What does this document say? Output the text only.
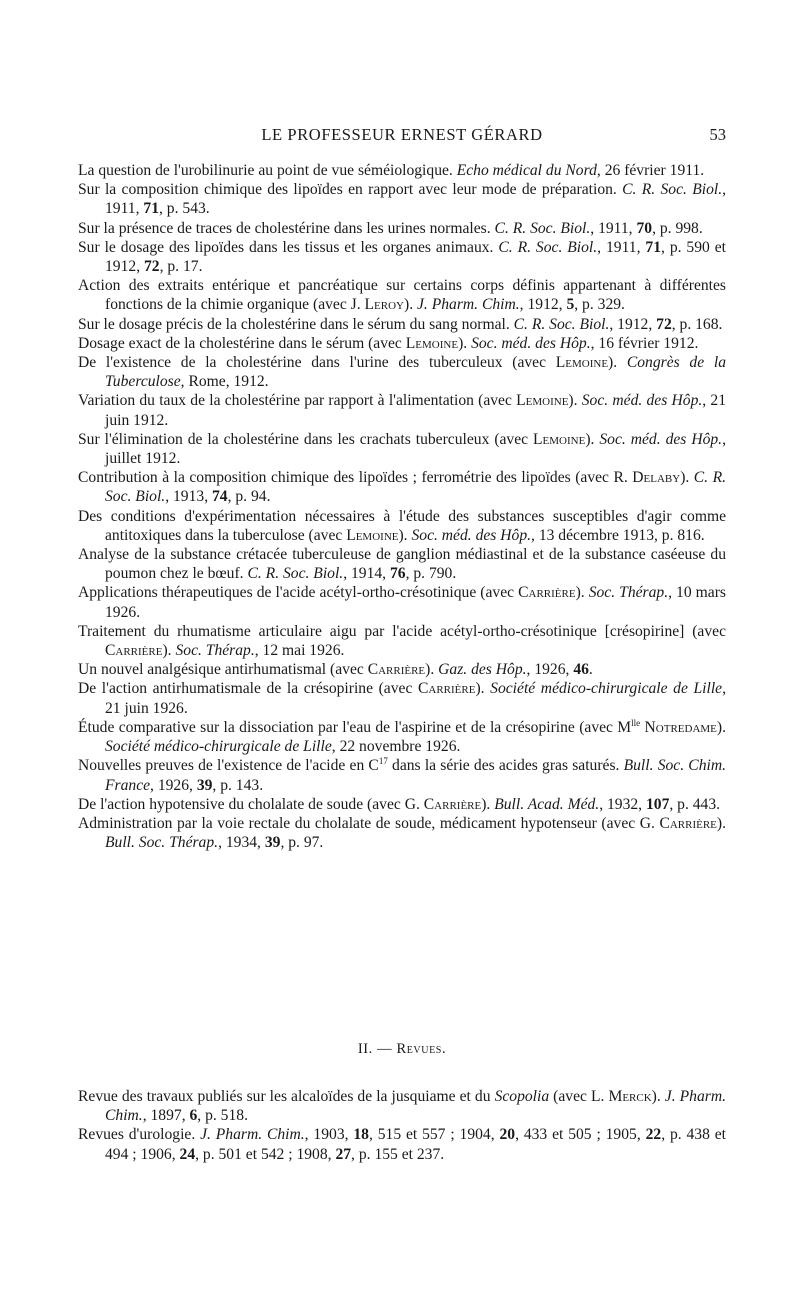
LE PROFESSEUR ERNEST GÉRARD	53

La question de l'urobilinurie au point de vue séméiologique. Echo médical du Nord, 26 février 1911.

Sur la composition chimique des lipoïdes en rapport avec leur mode de préparation. C. R. Soc. Biol., 1911, 71, p. 543.

Sur la présence de traces de cholestérine dans les urines normales. C. R. Soc. Biol., 1911, 70, p. 998.

Sur le dosage des lipoïdes dans les tissus et les organes animaux. C. R. Soc. Biol., 1911, 71, p. 590 et 1912, 72, p. 17.

Action des extraits entérique et pancréatique sur certains corps définis appartenant à différentes fonctions de la chimie organique (avec J. Leroy). J. Pharm. Chim., 1912, 5, p. 329.

Sur le dosage précis de la cholestérine dans le sérum du sang normal. C. R. Soc. Biol., 1912, 72, p. 168.

Dosage exact de la cholestérine dans le sérum (avec Lemoine). Soc. méd. des Hôp., 16 février 1912.

De l'existence de la cholestérine dans l'urine des tuberculeux (avec Lemoine). Congrès de la Tuberculose, Rome, 1912.

Variation du taux de la cholestérine par rapport à l'alimentation (avec Lemoine). Soc. méd. des Hôp., 21 juin 1912.

Sur l'élimination de la cholestérine dans les crachats tuberculeux (avec Lemoine). Soc. méd. des Hôp., juillet 1912.

Contribution à la composition chimique des lipoïdes ; ferrométrie des lipoïdes (avec R. Delaby). C. R. Soc. Biol., 1913, 74, p. 94.

Des conditions d'expérimentation nécessaires à l'étude des substances susceptibles d'agir comme antitoxiques dans la tuberculose (avec Lemoine). Soc. méd. des Hôp., 13 décembre 1913, p. 816.

Analyse de la substance crétacée tuberculeuse de ganglion médiastinal et de la substance caséeuse du poumon chez le bœuf. C. R. Soc. Biol., 1914, 76, p. 790.

Applications thérapeutiques de l'acide acétyl-ortho-crésotinique (avec Carrière). Soc. Thérap., 10 mars 1926.

Traitement du rhumatisme articulaire aigu par l'acide acétyl-ortho-crésotinique [crésopirine] (avec Carrière). Soc. Thérap., 12 mai 1926.

Un nouvel analgésique antirhumatismal (avec Carrière). Gaz. des Hôp., 1926, 46.

De l'action antirhumatismale de la crésopirine (avec Carrière). Société médico-chirurgicale de Lille, 21 juin 1926.

Étude comparative sur la dissociation par l'eau de l'aspirine et de la crésopirine (avec $M^{lle}$ Notredame). Société médico-chirurgicale de Lille, 22 novembre 1926.

Nouvelles preuves de l'existence de l'acide en $C^{17}$ dans la série des acides gras saturés. Bull. Soc. Chim. France, 1926, 39, p. 143.

De l'action hypotensive du cholalate de soude (avec G. Carrière). Bull. Acad. Méd., 1932, 107, p. 443.

Administration par la voie rectale du cholalate de soude, médicament hypotenseur (avec G. Carrière). Bull. Soc. Thérap., 1934, 39, p. 97.

II. — Revues.

Revue des travaux publiés sur les alcaloïdes de la jusquiame et du Scopolia (avec L. Merck). J. Pharm. Chim., 1897, 6, p. 518.

Revues d'urologie. J. Pharm. Chim., 1903, 18, 515 et 557 ; 1904, 20, 433 et 505 ; 1905, 22, p. 438 et 494 ; 1906, 24, p. 501 et 542 ; 1908, 27, p. 155 et 237.
